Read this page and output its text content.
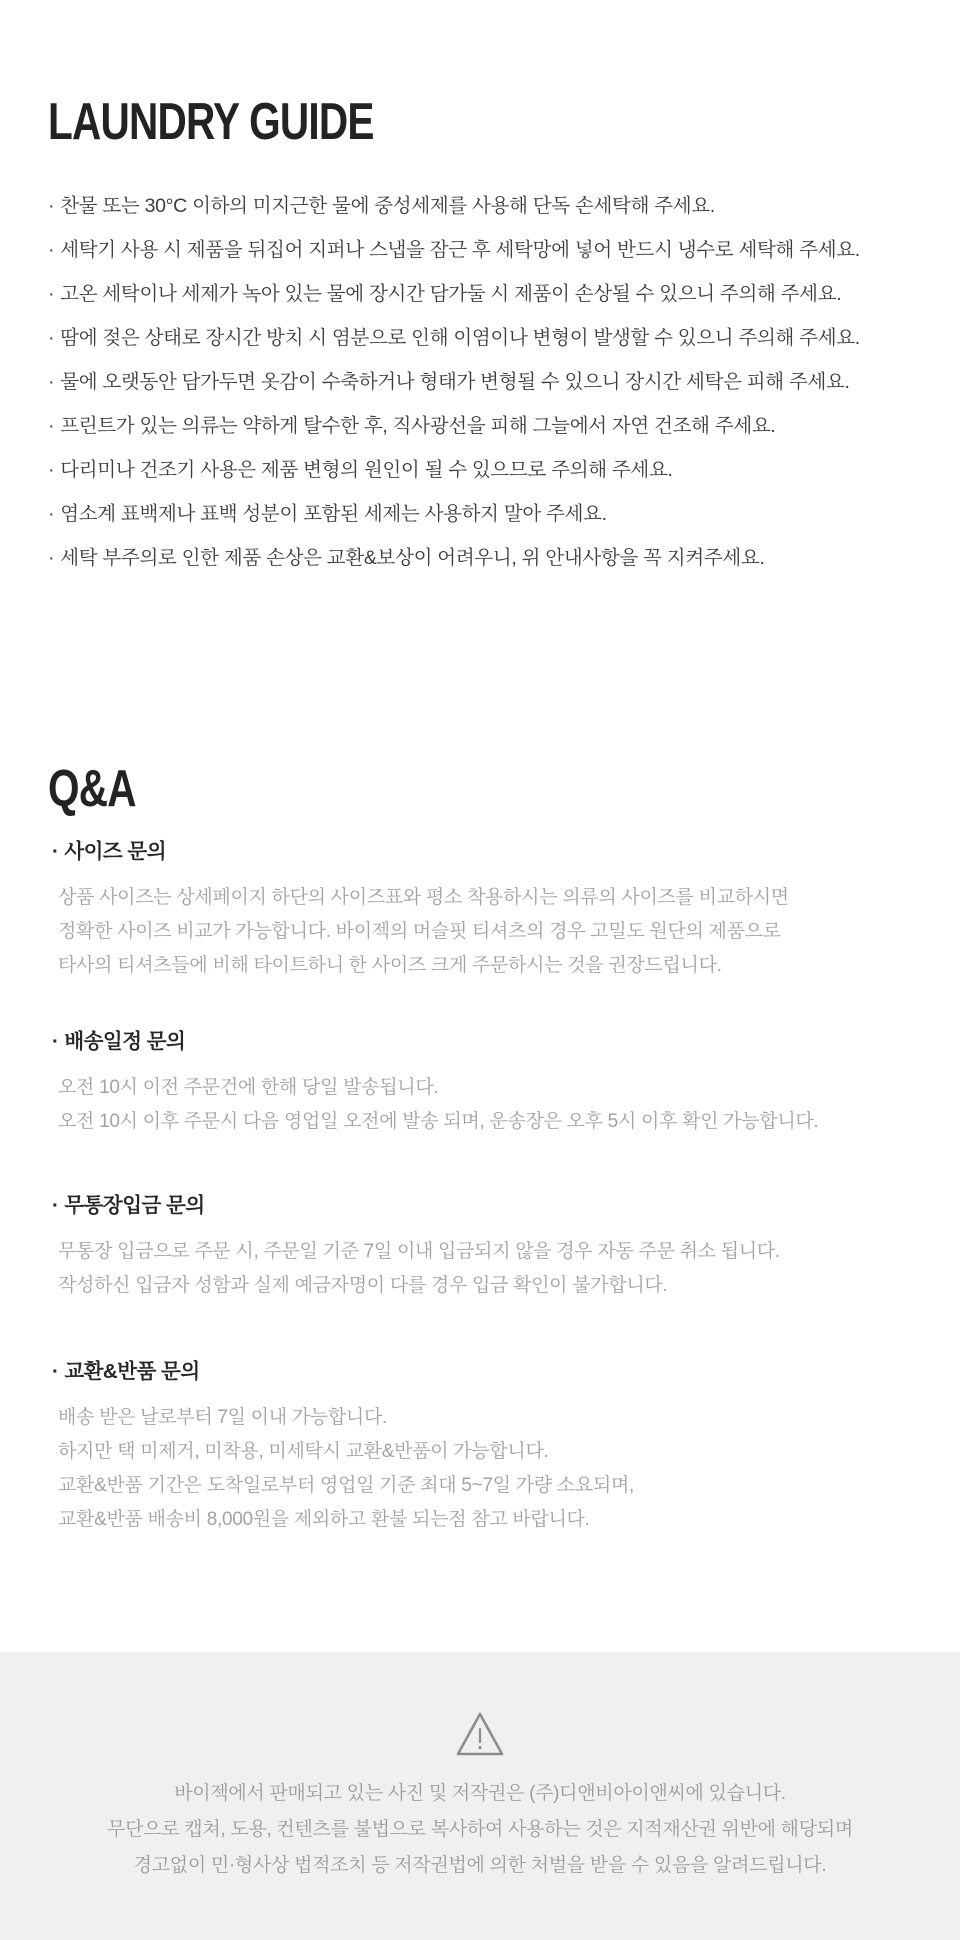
LAUNDRY GUIDE
· 찬물 또는 30°C 이하의 미지근한 물에 중성세제를 사용해 단독 손세탁해 주세요.
· 세탁기 사용 시 제품을 뒤집어 지퍼나 스냅을 잠근 후 세탁망에 넣어 반드시 냉수로 세탁해 주세요.
· 고온 세탁이나 세제가 녹아 있는 물에 장시간 담가둘 시 제품이 손상될 수 있으니 주의해 주세요.
· 땀에 젖은 상태로 장시간 방치 시 염분으로 인해 이염이나 변형이 발생할 수 있으니 주의해 주세요.
· 물에 오랫동안 담가두면 옷감이 수축하거나 형태가 변형될 수 있으니 장시간 세탁은 피해 주세요.
· 프린트가 있는 의류는 약하게 탈수한 후, 직사광선을 피해 그늘에서 자연 건조해 주세요.
· 다리미나 건조기 사용은 제품 변형의 원인이 될 수 있으므로 주의해 주세요.
· 염소계 표백제나 표백 성분이 포함된 세제는 사용하지 말아 주세요.
· 세탁 부주의로 인한 제품 손상은 교환&보상이 어려우니, 위 안내사항을 꼭 지켜주세요.
Q&A
· 사이즈 문의

상품 사이즈는 상세페이지 하단의 사이즈표와 평소 착용하시는 의류의 사이즈를 비교하시면

정확한 사이즈 비교가 가능합니다. 바이젝의 머슬핏 티셔츠의 경우 고밀도 원단의 제품으로

타사의 티셔츠들에 비해 타이트하니 한 사이즈 크게 주문하시는 것을 권장드립니다.

· 배송일정 문의

오전 10시 이전 주문건에 한해 당일 발송됩니다.

오전 10시 이후 주문시 다음 영업일 오전에 발송 되며, 운송장은 오후 5시 이후 확인 가능합니다.

· 무통장입금 문의

무통장 입금으로 주문 시, 주문일 기준 7일 이내 입금되지 않을 경우 자동 주문 취소 됩니다.

작성하신 입금자 성함과 실제 예금자명이 다를 경우 입금 확인이 불가합니다.

· 교환&반품 문의

배송 받은 날로부터 7일 이내 가능합니다.

하지만 택 미제거, 미착용, 미세탁시 교환&반품이 가능합니다.

교환&반품 기간은 도착일로부터 영업일 기준 최대 5~7일 가량 소요되며,

교환&반품 배송비 8,000원을 제외하고 환불 되는점 참고 바랍니다.

바이젝에서 판매되고 있는 사진 및 저작권은 (주)디앤비아이앤씨에 있습니다.

무단으로 캡쳐, 도용, 컨텐츠를 불법으로 복사하여 사용하는 것은 지적재산권 위반에 해당되며

경고없이 민·형사상 법적조치 등 저작권법에 의한 처벌을 받을 수 있음을 알려드립니다.
